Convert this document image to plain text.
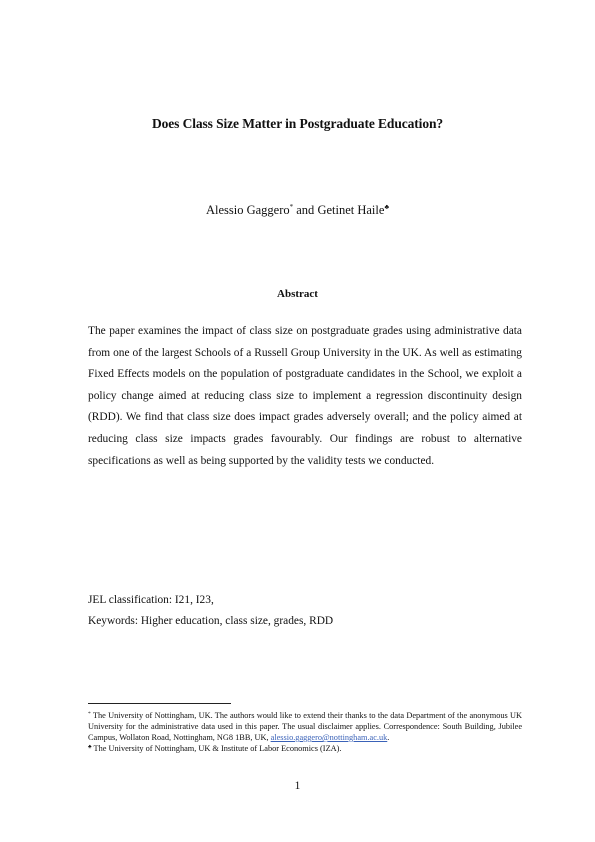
Does Class Size Matter in Postgraduate Education?
Alessio Gaggero* and Getinet Haile♣
Abstract

The paper examines the impact of class size on postgraduate grades using administrative data from one of the largest Schools of a Russell Group University in the UK. As well as estimating Fixed Effects models on the population of postgraduate candidates in the School, we exploit a policy change aimed at reducing class size to implement a regression discontinuity design (RDD). We find that class size does impact grades adversely overall; and the policy aimed at reducing class size impacts grades favourably. Our findings are robust to alternative specifications as well as being supported by the validity tests we conducted.

JEL classification: I21, I23,
Keywords: Higher education, class size, grades, RDD

* The University of Nottingham, UK. The authors would like to extend their thanks to the data Department of the anonymous UK University for the administrative data used in this paper. The usual disclaimer applies. Correspondence: South Building, Jubilee Campus, Wollaton Road, Nottingham, NG8 1BB, UK, alessio.gaggero@nottingham.ac.uk.

♣ The University of Nottingham, UK & Institute of Labor Economics (IZA).

1
